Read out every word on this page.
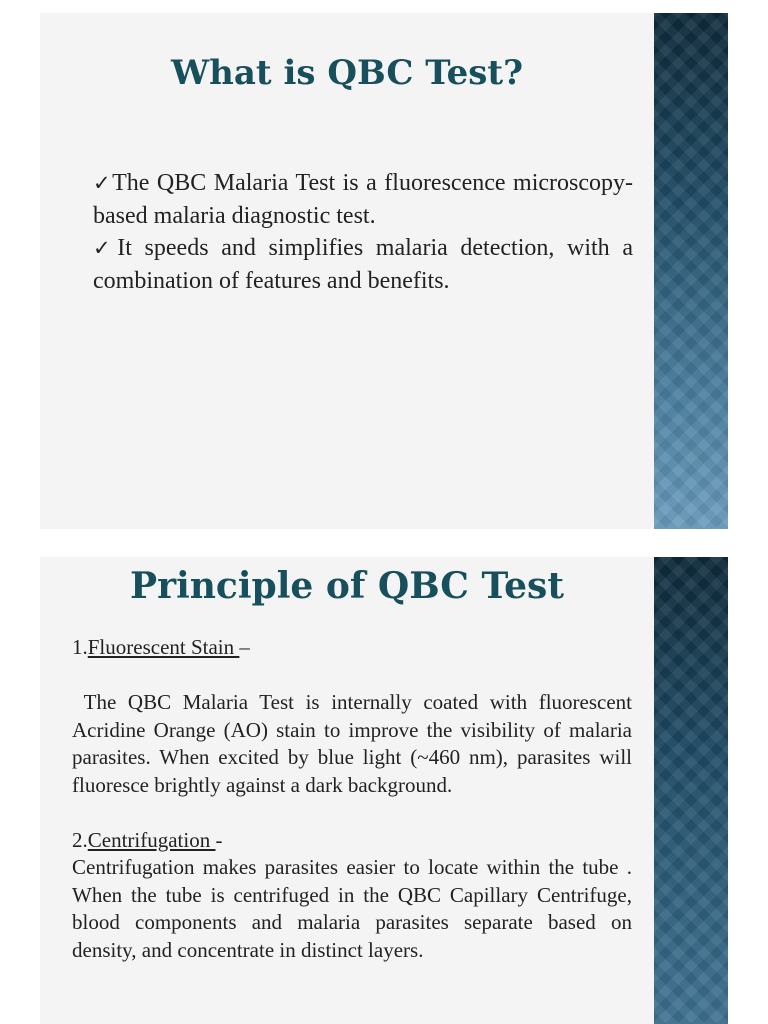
What is QBC Test?

✓The QBC Malaria Test is a fluorescence microscopy-based malaria diagnostic test.

✓It speeds and simplifies malaria detection, with a combination of features and benefits.

Principle of QBC Test

1.Fluorescent Stain –

The QBC Malaria Test is internally coated with fluorescent Acridine Orange (AO) stain to improve the visibility of malaria parasites. When excited by blue light (~460 nm), parasites will fluoresce brightly against a dark background.

2.Centrifugation -

Centrifugation makes parasites easier to locate within the tube . When the tube is centrifuged in the QBC Capillary Centrifuge, blood components and malaria parasites separate based on density, and concentrate in distinct layers.
